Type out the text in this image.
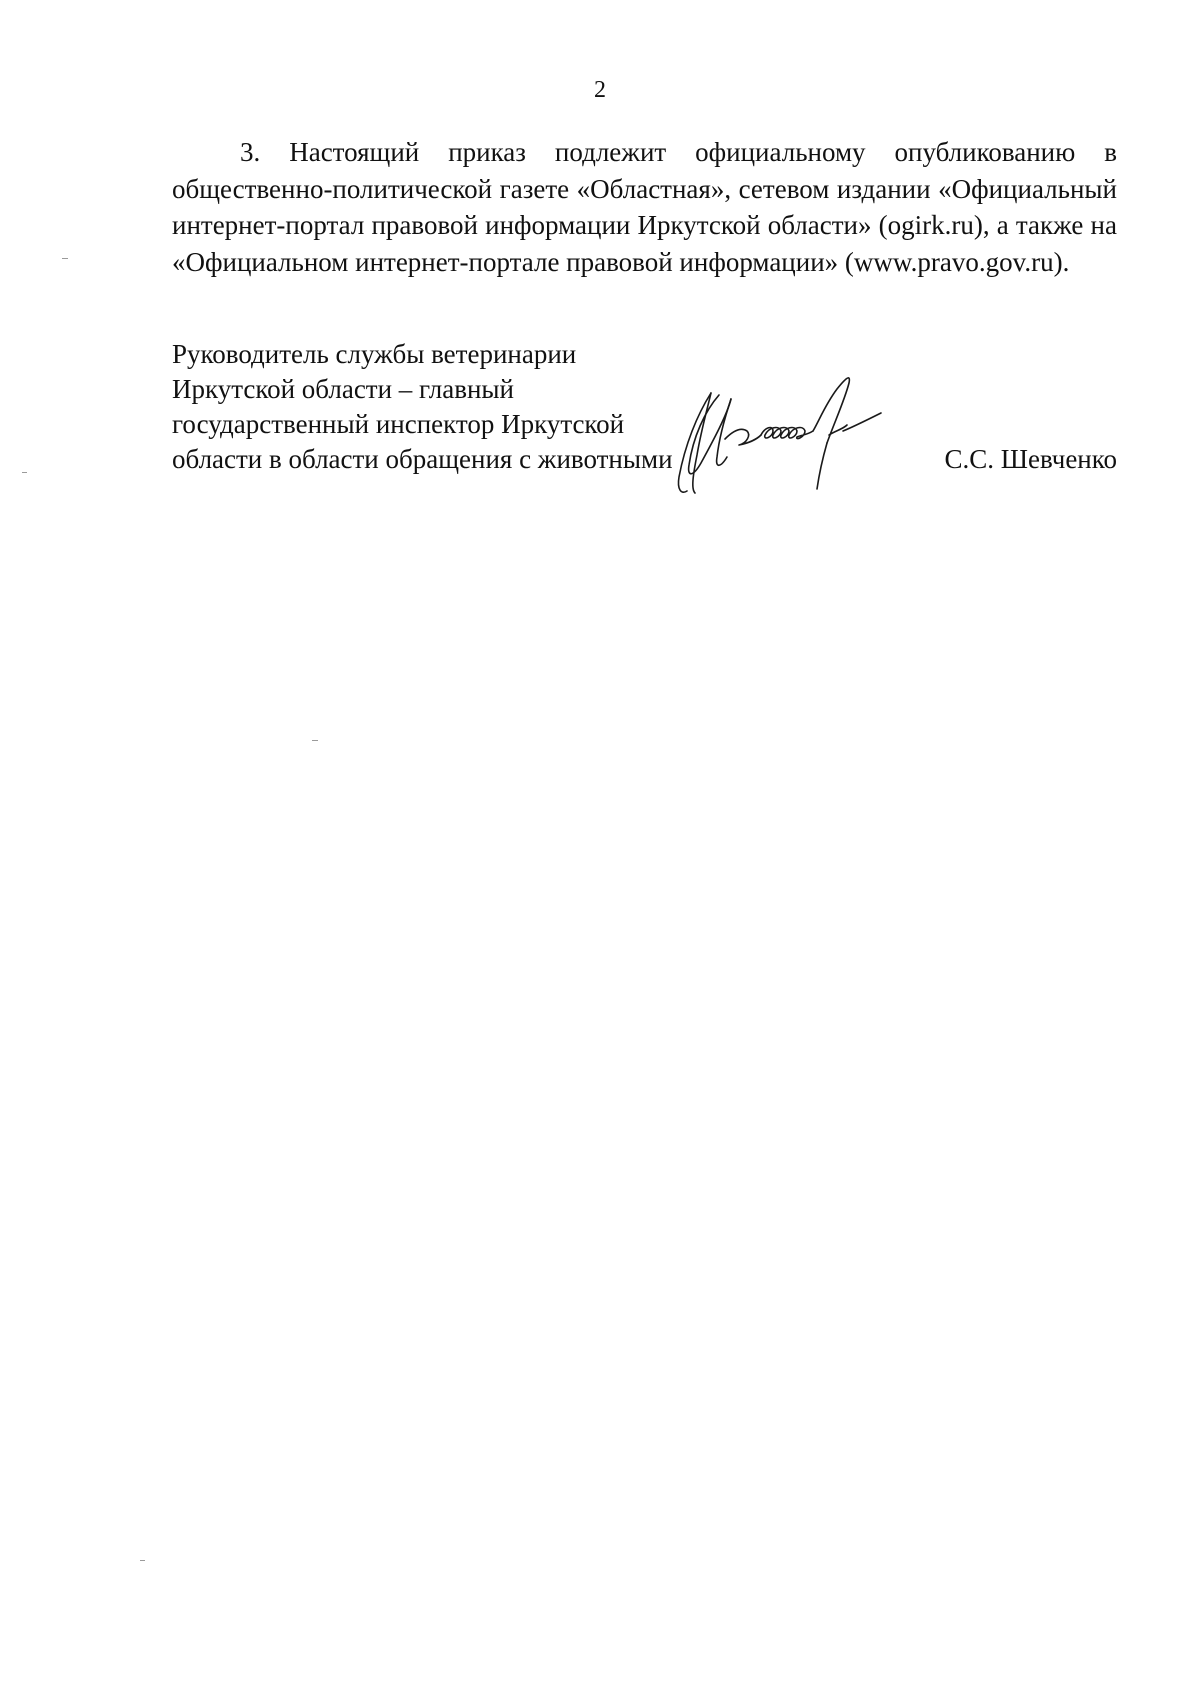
2

3. Настоящий приказ подлежит официальному опубликованию в общественно-политической газете «Областная», сетевом издании «Официальный интернет-портал правовой информации Иркутской области» (ogirk.ru), а также на «Официальном интернет-портале правовой информации» (www.pravo.gov.ru).

Руководитель службы ветеринарии
Иркутской области – главный
государственный инспектор Иркутской
области в области обращения с животными	С.С. Шевченко
